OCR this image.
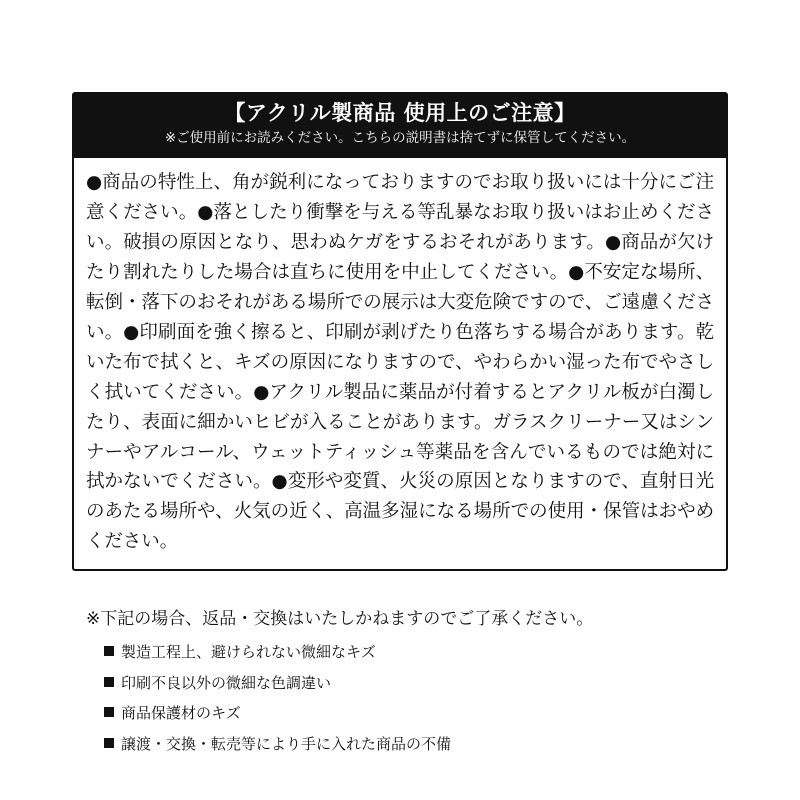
【アクリル製商品 使用上のご注意】
※ご使用前にお読みください。こちらの説明書は捨てずに保管してください。
●商品の特性上、角が鋭利になっておりますのでお取り扱いには十分にご注意ください。●落としたり衝撃を与える等乱暴なお取り扱いはお止めください。破損の原因となり、思わぬケガをするおそれがあります。●商品が欠けたり割れたりした場合は直ちに使用を中止してください。●不安定な場所、転倒・落下のおそれがある場所での展示は大変危険ですので、ご遠慮ください。●印刷面を強く擦ると、印刷が剥げたり色落ちする場合があります。乾いた布で拭くと、キズの原因になりますので、やわらかい湿った布でやさしく拭いてください。●アクリル製品に薬品が付着するとアクリル板が白濁したり、表面に細かいヒビが入ることがあります。ガラスクリーナー又はシンナーやアルコール、ウェットティッシュ等薬品を含んでいるものでは絶対に拭かないでください。●変形や変質、火災の原因となりますので、直射日光のあたる場所や、火気の近く、高温多湿になる場所での使用・保管はおやめください。
※下記の場合、返品・交換はいたしかねますのでご了承ください。
製造工程上、避けられない微細なキズ
印刷不良以外の微細な色調違い
商品保護材のキズ
譲渡・交換・転売等により手に入れた商品の不備
